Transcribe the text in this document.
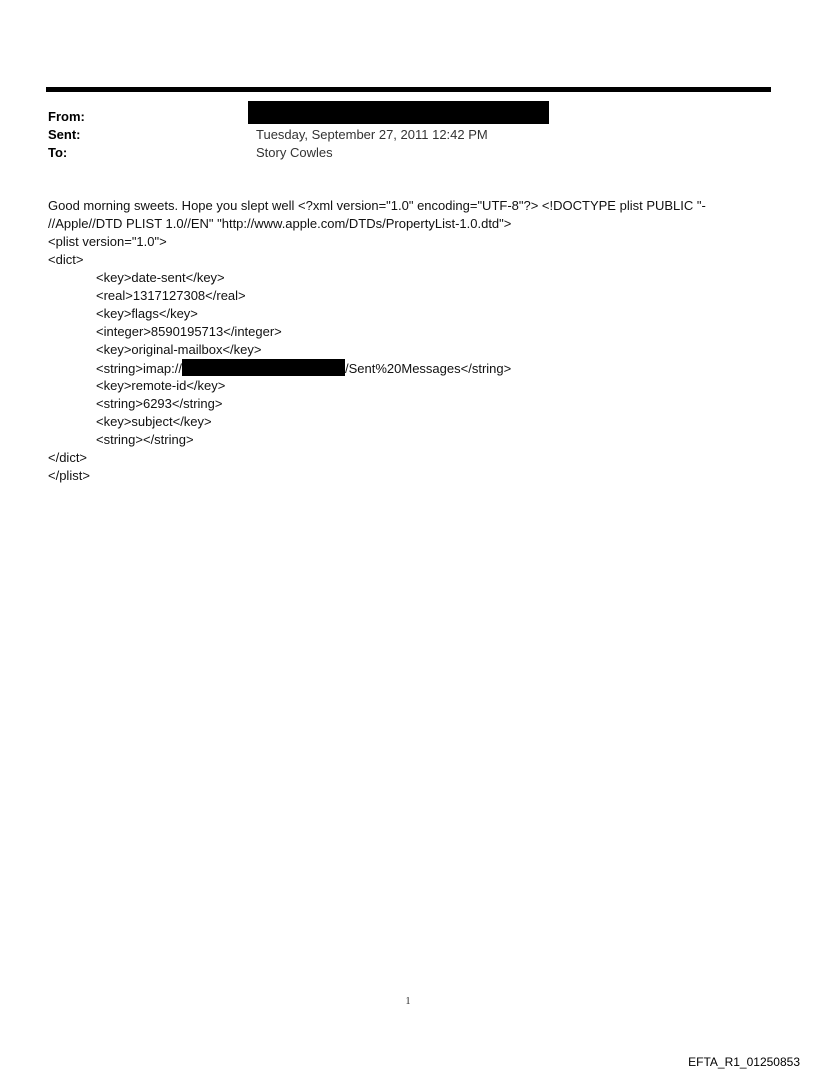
From:
Sent:	Tuesday, September 27, 2011 12:42 PM
To:	Story Cowles
Good morning sweets. Hope you slept well <?xml version="1.0" encoding="UTF-8"?> <!DOCTYPE plist PUBLIC "-
//Apple//DTD PLIST 1.0//EN" "http://www.apple.com/DTDs/PropertyList-1.0.dtd">
<plist version="1.0">
<dict>
<key>date-sent</key>
<real>1317127308</real>
<key>flags</key>
<integer>8590195713</integer>
<key>original-mailbox</key>
<string>imap://	/Sent%20Messages</string>
<key>remote-id</key>
<string>6293</string>
<key>subject</key>
<string></string>
</dict>
</plist>
1
EFTA_R1_01250853
